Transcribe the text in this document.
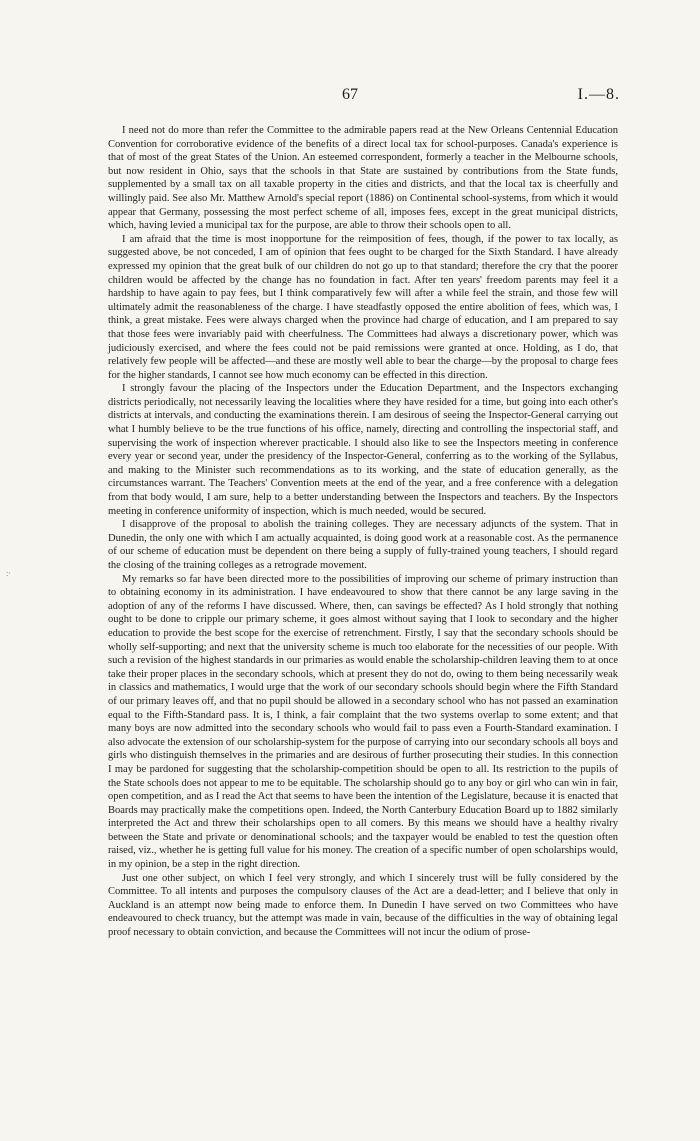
67	I.—8.
:·

I need not do more than refer the Committee to the admirable papers read at the New Orleans Centennial Education Convention for corroborative evidence of the benefits of a direct local tax for school-purposes. Canada's experience is that of most of the great States of the Union. An esteemed correspondent, formerly a teacher in the Melbourne schools, but now resident in Ohio, says that the schools in that State are sustained by contributions from the State funds, supplemented by a small tax on all taxable property in the cities and districts, and that the local tax is cheerfully and willingly paid. See also Mr. Matthew Arnold's special report (1886) on Continental school-systems, from which it would appear that Germany, possessing the most perfect scheme of all, imposes fees, except in the great municipal districts, which, having levied a municipal tax for the purpose, are able to throw their schools open to all.

I am afraid that the time is most inopportune for the reimposition of fees, though, if the power to tax locally, as suggested above, be not conceded, I am of opinion that fees ought to be charged for the Sixth Standard. I have already expressed my opinion that the great bulk of our children do not go up to that standard; therefore the cry that the poorer children would be affected by the change has no foundation in fact. After ten years' freedom parents may feel it a hardship to have again to pay fees, but I think comparatively few will after a while feel the strain, and those few will ultimately admit the reasonableness of the charge. I have steadfastly opposed the entire abolition of fees, which was, I think, a great mistake. Fees were always charged when the province had charge of education, and I am prepared to say that those fees were invariably paid with cheerfulness. The Committees had always a discretionary power, which was judiciously exercised, and where the fees could not be paid remissions were granted at once. Holding, as I do, that relatively few people will be affected—and these are mostly well able to bear the charge—by the proposal to charge fees for the higher standards, I cannot see how much economy can be effected in this direction.

I strongly favour the placing of the Inspectors under the Education Department, and the Inspectors exchanging districts periodically, not necessarily leaving the localities where they have resided for a time, but going into each other's districts at intervals, and conducting the examinations therein. I am desirous of seeing the Inspector-General carrying out what I humbly believe to be the true functions of his office, namely, directing and controlling the inspectorial staff, and supervising the work of inspection wherever practicable. I should also like to see the Inspectors meeting in conference every year or second year, under the presidency of the Inspector-General, conferring as to the working of the Syllabus, and making to the Minister such recommendations as to its working, and the state of education generally, as the circumstances warrant. The Teachers' Convention meets at the end of the year, and a free conference with a delegation from that body would, I am sure, help to a better understanding between the Inspectors and teachers. By the Inspectors meeting in conference uniformity of inspection, which is much needed, would be secured.

I disapprove of the proposal to abolish the training colleges. They are necessary adjuncts of the system. That in Dunedin, the only one with which I am actually acquainted, is doing good work at a reasonable cost. As the permanence of our scheme of education must be dependent on there being a supply of fully-trained young teachers, I should regard the closing of the training colleges as a retrograde movement.

My remarks so far have been directed more to the possibilities of improving our scheme of primary instruction than to obtaining economy in its administration. I have endeavoured to show that there cannot be any large saving in the adoption of any of the reforms I have discussed. Where, then, can savings be effected? As I hold strongly that nothing ought to be done to cripple our primary scheme, it goes almost without saying that I look to secondary and the higher education to provide the best scope for the exercise of retrenchment. Firstly, I say that the secondary schools should be wholly self-supporting; and next that the university scheme is much too elaborate for the necessities of our people. With such a revision of the highest standards in our primaries as would enable the scholarship-children leaving them to at once take their proper places in the secondary schools, which at present they do not do, owing to them being necessarily weak in classics and mathematics, I would urge that the work of our secondary schools should begin where the Fifth Standard of our primary leaves off, and that no pupil should be allowed in a secondary school who has not passed an examination equal to the Fifth-Standard pass. It is, I think, a fair complaint that the two systems overlap to some extent; and that many boys are now admitted into the secondary schools who would fail to pass even a Fourth-Standard examination. I also advocate the extension of our scholarship-system for the purpose of carrying into our secondary schools all boys and girls who distinguish themselves in the primaries and are desirous of further prosecuting their studies. In this connection I may be pardoned for suggesting that the scholarship-competition should be open to all. Its restriction to the pupils of the State schools does not appear to me to be equitable. The scholarship should go to any boy or girl who can win in fair, open competition, and as I read the Act that seems to have been the intention of the Legislature, because it is enacted that Boards may practically make the competitions open. Indeed, the North Canterbury Education Board up to 1882 similarly interpreted the Act and threw their scholarships open to all comers. By this means we should have a healthy rivalry between the State and private or denominational schools; and the taxpayer would be enabled to test the question often raised, viz., whether he is getting full value for his money. The creation of a specific number of open scholarships would, in my opinion, be a step in the right direction.

Just one other subject, on which I feel very strongly, and which I sincerely trust will be fully considered by the Committee. To all intents and purposes the compulsory clauses of the Act are a dead-letter; and I believe that only in Auckland is an attempt now being made to enforce them. In Dunedin I have served on two Committees who have endeavoured to check truancy, but the attempt was made in vain, because of the difficulties in the way of obtaining legal proof necessary to obtain conviction, and because the Committees will not incur the odium of prose-
